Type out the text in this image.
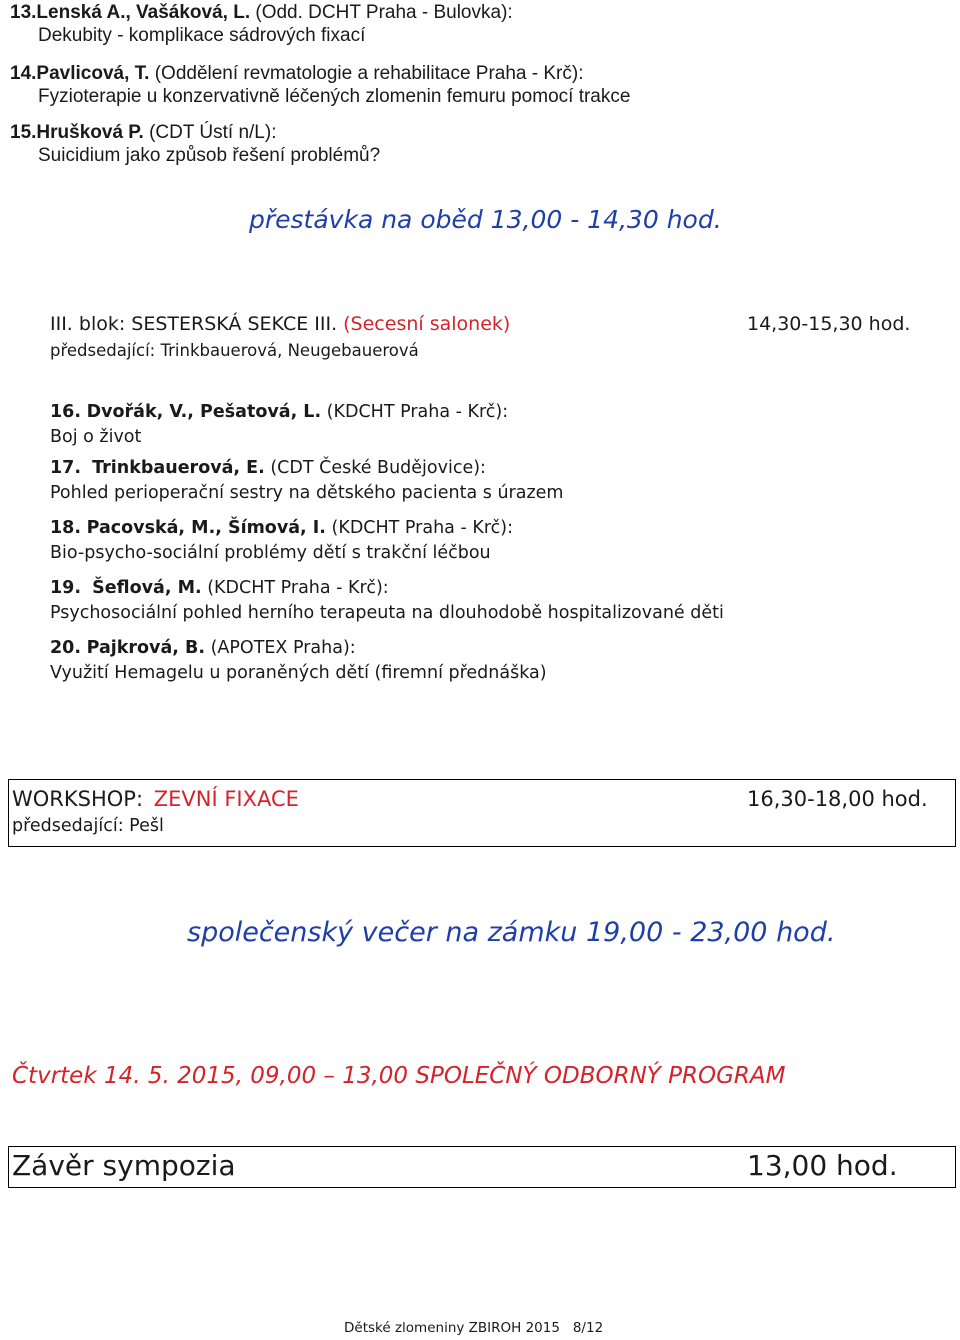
13.Lenská A., Vašáková, L. (Odd. DCHT Praha - Bulovka):
Dekubity - komplikace sádrových fixací
14.Pavlicová, T. (Oddělení revmatologie a rehabilitace Praha - Krč):
Fyzioterapie u konzervativně léčených zlomenin femuru pomocí trakce
15.Hrušková P. (CDT Ústí n/L):
Suicidium jako způsob řešení problémů?
přestávka na oběd 13,00 - 14,30 hod.
III. blok: SESTERSKÁ SEKCE III. (Secesní salonek)	14,30-15,30 hod.
předsedající: Trinkbauerová, Neugebauerová
16. Dvořák, V., Pešatová, L. (KDCHT Praha - Krč):
Boj o život
17. Trinkbauerová, E. (CDT České Budějovice):
Pohled perioperační sestry na dětského pacienta s úrazem
18. Pacovská, M., Šímová, I. (KDCHT Praha - Krč):
Bio-psycho-sociální problémy dětí s trakční léčbou
19. Šeflová, M. (KDCHT Praha - Krč):
Psychosociální pohled herního terapeuta na dlouhodobě hospitalizované děti
20. Pajkrová, B. (APOTEX Praha):
Využití Hemagelu u poraněných dětí (firemní přednáška)
WORKSHOP: ZEVNÍ FIXACE	16,30-18,00 hod.
předsedající: Pešl
společenský večer na zámku 19,00 - 23,00 hod.
Čtvrtek 14. 5. 2015, 09,00 – 13,00 SPOLEČNÝ ODBORNÝ PROGRAM
Závěr sympozia	13,00 hod.
Dětské zlomeniny ZBIROH 2015 8/12
